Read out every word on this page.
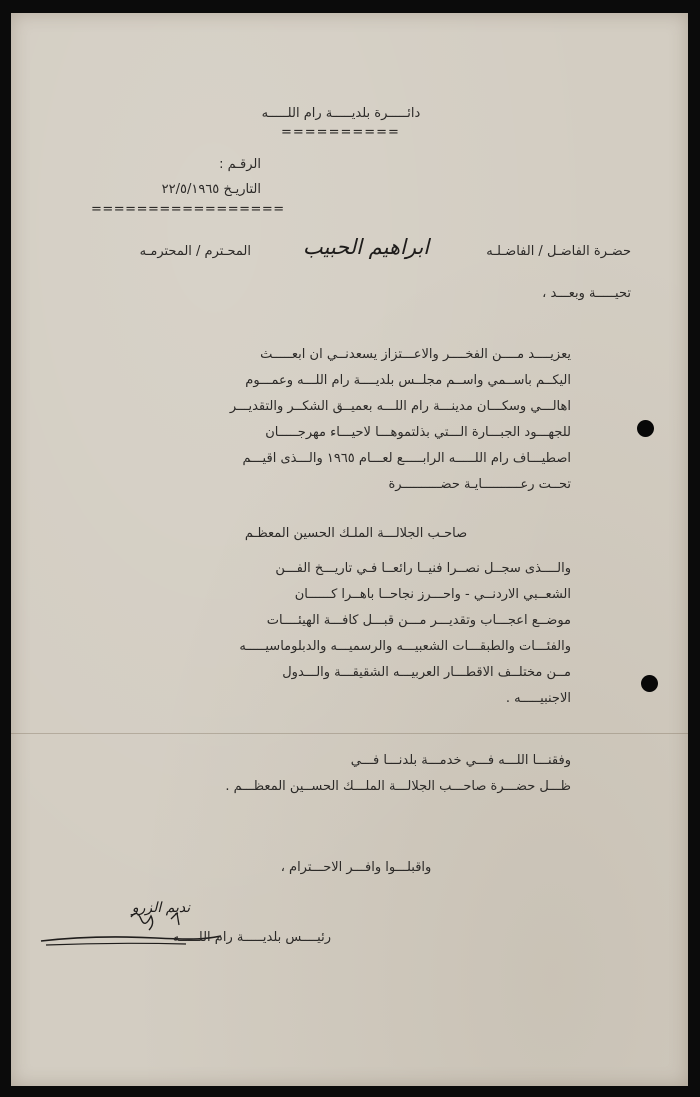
دائـــــرة بلديـــــة رام اللـــــه
==========
الرقـم :
التاريـخ ٢٢/٥/١٩٦٥
=================
حضـرة الفاضـل / الفاضـلـه
ابراهيم الحبيب
المحـترم / المحترمـه
تحيـــــة وبعـــد ،
يعزيــــد مــــن الفخــــر والاعـــتزاز يسعدنــي ان ابعـــــث
اليكــم باســمي واســم مجلــس بلديــــة رام اللـــه وعمـــوم
اهالـــي وسكـــان مدينـــة رام اللـــه بعميــق الشكــر والتقديـــر
للجهـــود الجبـــارة الـــتي بذلتموهـــا لاحيـــاء مهرجـــــان
اصطيـــاف رام اللـــــه الرابـــــع لعـــام ١٩٦٥ والـــذى اقيـــم
تحــت رعــــــــــايـة حضــــــــــرة
صاحـب الجلالـــة الملـك الحسين المعظـم
والــــذى سجــل نصــرا فنيــا رائعــا فـي تاريـــخ الفـــن
الشعــبي الاردنــي - واحـــرز نجاحــا باهــرا كــــــان
موضــع اعجـــاب وتقديـــر مـــن قبـــل كافـــة الهيئــــات
والفئـــات والطبقـــات الشعبيـــه والرسميـــه والدبلوماسيـــــه
مــن مختلــف الاقطـــار العربيـــه الشقيقـــة والـــدول
الاجنبيـــــه .
وفقنـــا اللـــه فـــي خدمـــة بلدنـــا فـــي
ظـــل حضـــرة صاحـــب الجلالـــة الملـــك الحســين المعظـــم .
واقبلـــوا وافـــر الاحـــترام ،
نديم الزرو
رئيــــس بلديـــــة رام اللـــــه
